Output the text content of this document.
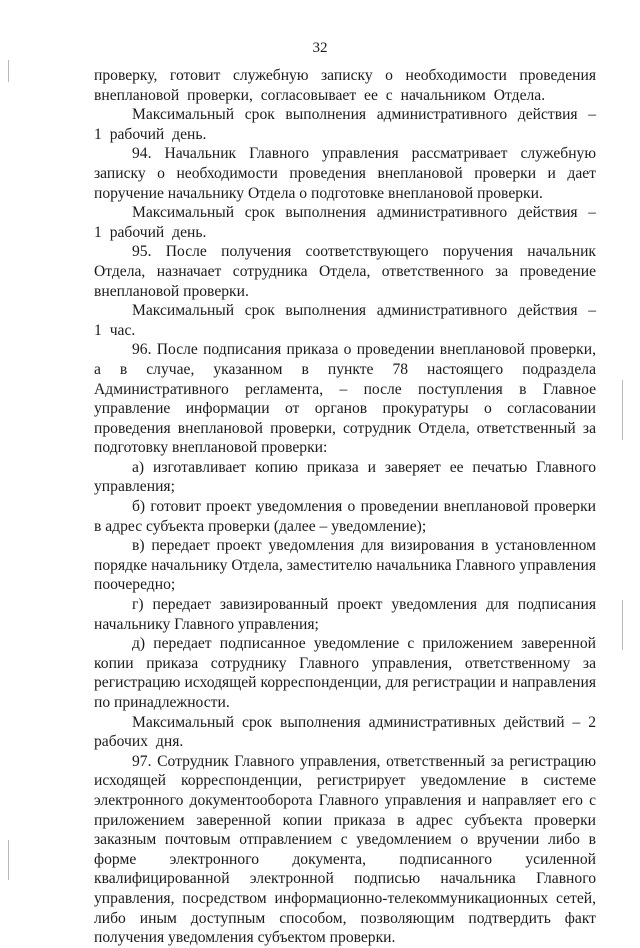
32

проверку, готовит служебную записку о необходимости проведения внеплановой проверки, согласовывает ее с начальником Отдела.

Максимальный срок выполнения административного действия – 1 рабочий день.

94. Начальник Главного управления рассматривает служебную записку о необходимости проведения внеплановой проверки и дает поручение начальнику Отдела о подготовке внеплановой проверки.

Максимальный срок выполнения административного действия – 1 рабочий день.

95. После получения соответствующего поручения начальник Отдела, назначает сотрудника Отдела, ответственного за проведение внеплановой проверки.

Максимальный срок выполнения административного действия – 1 час.

96. После подписания приказа о проведении внеплановой проверки, а в случае, указанном в пункте 78 настоящего подраздела Административного регламента, – после поступления в Главное управление информации от органов прокуратуры о согласовании проведения внеплановой проверки, сотрудник Отдела, ответственный за подготовку внеплановой проверки:

а) изготавливает копию приказа и заверяет ее печатью Главного управления;

б) готовит проект уведомления о проведении внеплановой проверки в адрес субъекта проверки (далее – уведомление);

в) передает проект уведомления для визирования в установленном порядке начальнику Отдела, заместителю начальника Главного управления поочередно;

г) передает завизированный проект уведомления для подписания начальнику Главного управления;

д) передает подписанное уведомление с приложением заверенной копии приказа сотруднику Главного управления, ответственному за регистрацию исходящей корреспонденции, для регистрации и направления по принадлежности.

Максимальный срок выполнения административных действий – 2 рабочих дня.

97. Сотрудник Главного управления, ответственный за регистрацию исходящей корреспонденции, регистрирует уведомление в системе электронного документооборота Главного управления и направляет его с приложением заверенной копии приказа в адрес субъекта проверки заказным почтовым отправлением с уведомлением о вручении либо в форме электронного документа, подписанного усиленной квалифицированной электронной подписью начальника Главного управления, посредством информационно-телекоммуникационных сетей, либо иным доступным способом, позволяющим подтвердить факт получения уведомления субъектом проверки.
